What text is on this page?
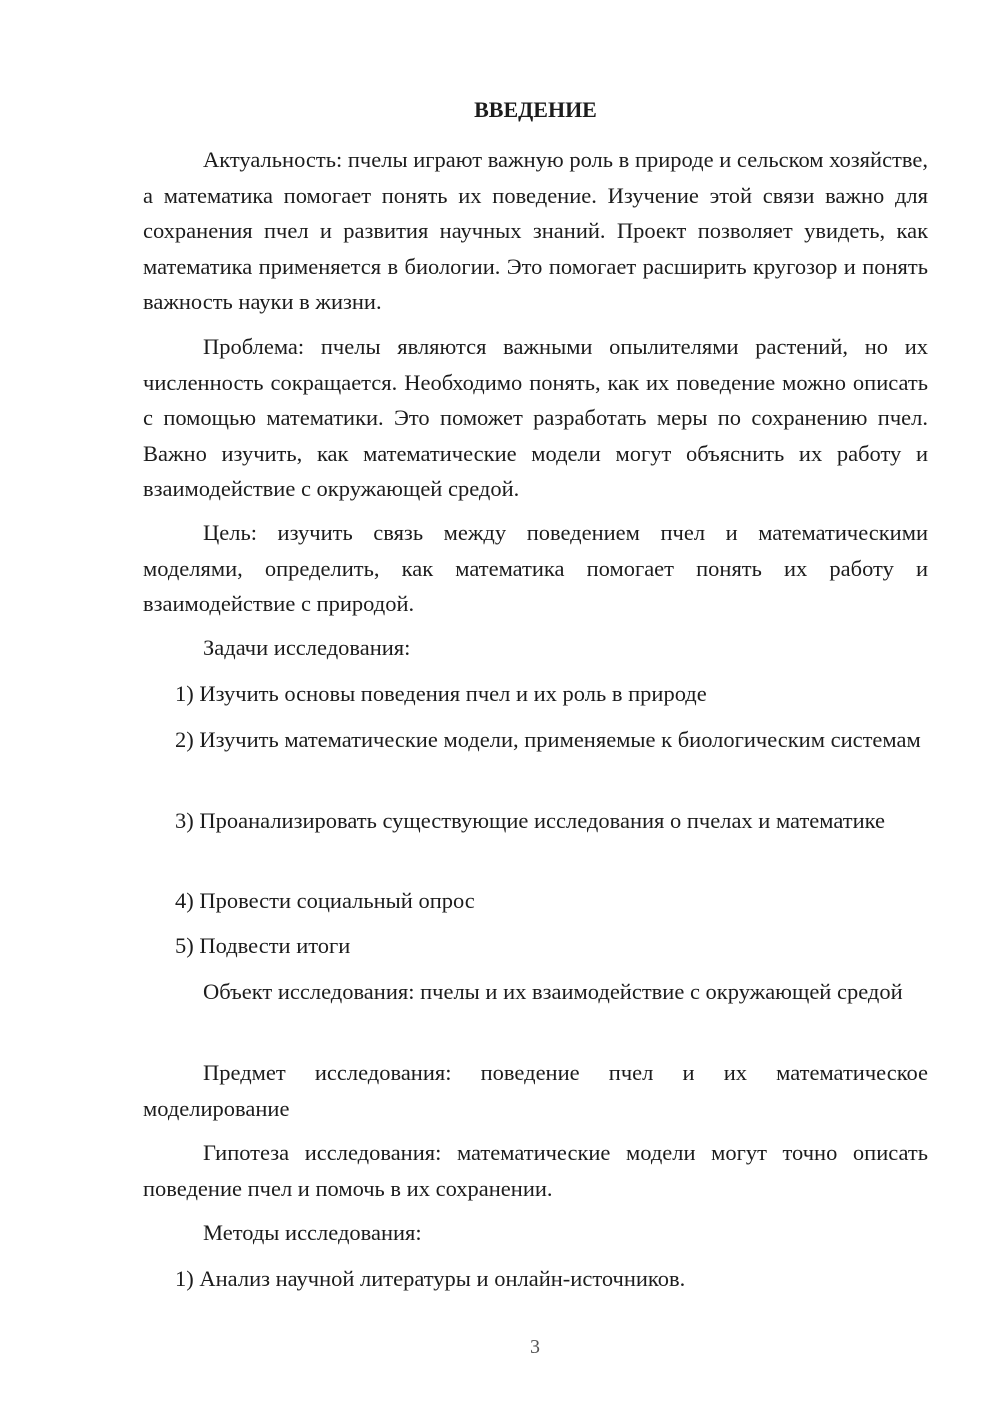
ВВЕДЕНИЕ

Актуальность: пчелы играют важную роль в природе и сельском хозяйстве, а математика помогает понять их поведение. Изучение этой связи важно для сохранения пчел и развития научных знаний. Проект позволяет увидеть, как математика применяется в биологии. Это помогает расширить кругозор и понять важность науки в жизни.

Проблема: пчелы являются важными опылителями растений, но их численность сокращается. Необходимо понять, как их поведение можно описать с помощью математики. Это поможет разработать меры по сохранению пчел. Важно изучить, как математические модели могут объяснить их работу и взаимодействие с окружающей средой.

Цель: изучить связь между поведением пчел и математическими моделями, определить, как математика помогает понять их работу и взаимодействие с природой.

Задачи исследования:

1) Изучить основы поведения пчел и их роль в природе

2) Изучить математические модели, применяемые к биологическим системам

3) Проанализировать существующие исследования о пчелах и математике

4) Провести социальный опрос

5) Подвести итоги

Объект исследования: пчелы и их взаимодействие с окружающей средой

Предмет исследования: поведение пчел и их математическое моделирование

Гипотеза исследования: математические модели могут точно описать поведение пчел и помочь в их сохранении.

Методы исследования:

1) Анализ научной литературы и онлайн-источников.

3
